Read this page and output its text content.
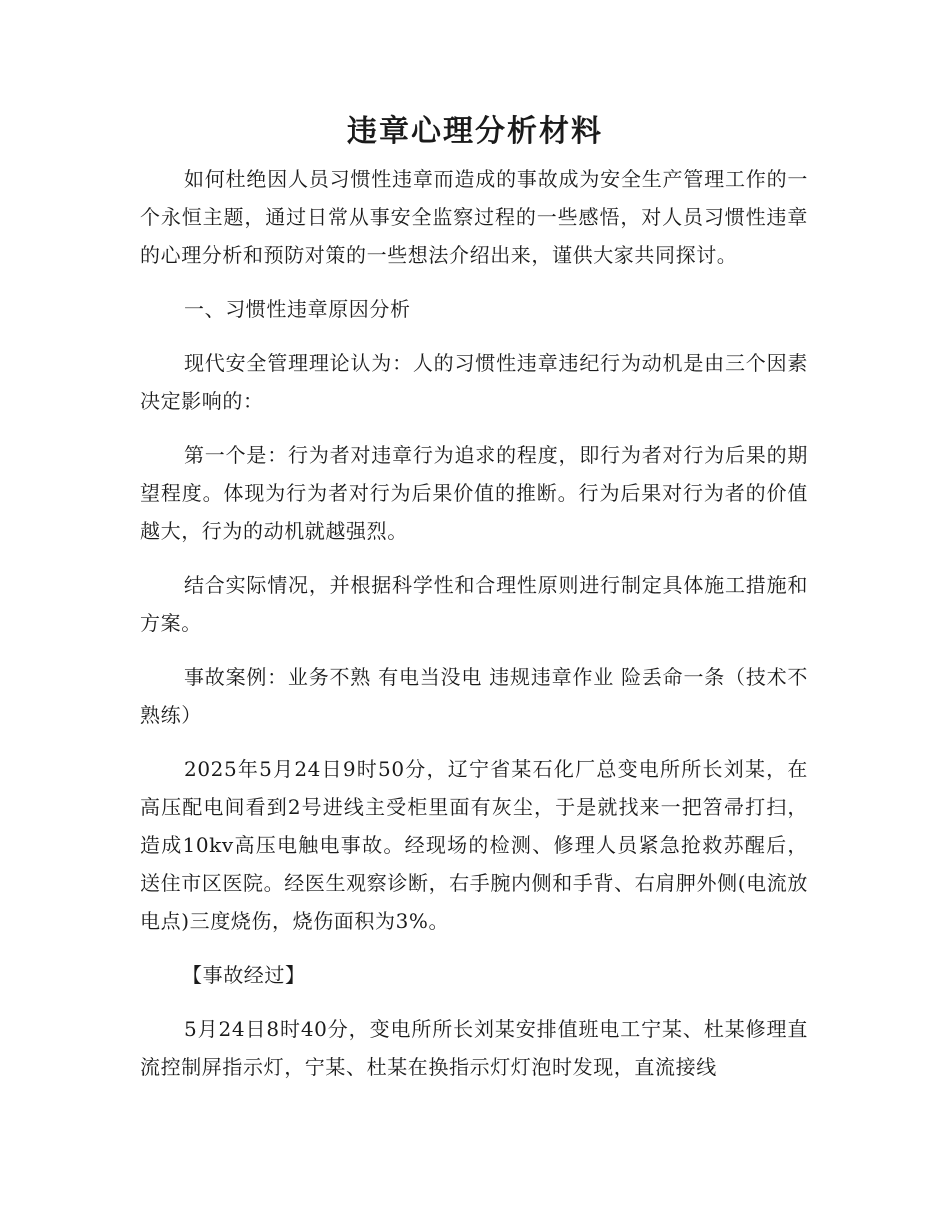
违章心理分析材料

如何杜绝因人员习惯性违章而造成的事故成为安全生产管理工作的一个永恒主题，通过日常从事安全监察过程的一些感悟，对人员习惯性违章的心理分析和预防对策的一些想法介绍出来，谨供大家共同探讨。

一、习惯性违章原因分析

现代安全管理理论认为：人的习惯性违章违纪行为动机是由三个因素决定影响的：

第一个是：行为者对违章行为追求的程度，即行为者对行为后果的期望程度。体现为行为者对行为后果价值的推断。行为后果对行为者的价值越大，行为的动机就越强烈。

结合实际情况，并根据科学性和合理性原则进行制定具体施工措施和方案。

事故案例：业务不熟 有电当没电 违规违章作业 险丢命一条（技术不熟练）

2025年5月24日9时50分，辽宁省某石化厂总变电所所长刘某，在高压配电间看到2号进线主受柜里面有灰尘，于是就找来一把笤帚打扫，造成10kv高压电触电事故。经现场的检测、修理人员紧急抢救苏醒后，送住市区医院。经医生观察诊断，右手腕内侧和手背、右肩胛外侧(电流放电点)三度烧伤，烧伤面积为3%。

【事故经过】

5月24日8时40分，变电所所长刘某安排值班电工宁某、杜某修理直流控制屏指示灯，宁某、杜某在换指示灯灯泡时发现，直流接线
